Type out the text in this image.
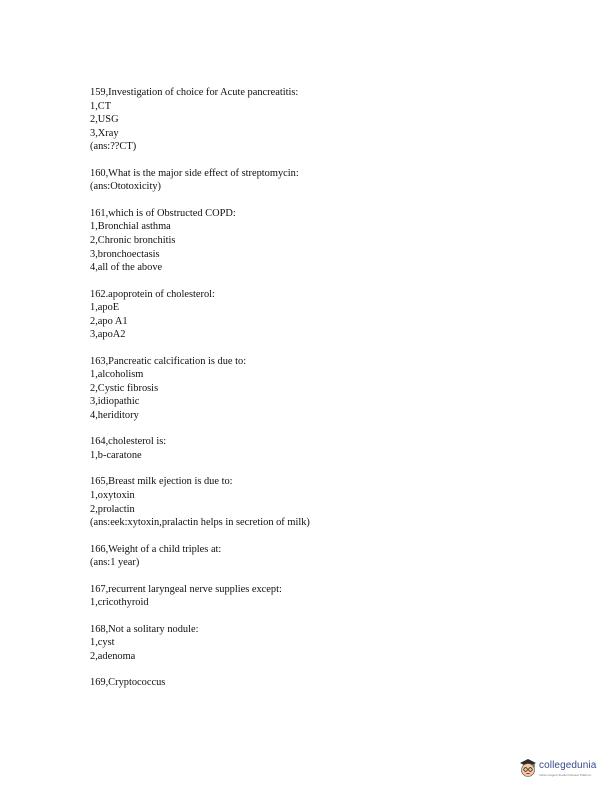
159,Investigation of choice for Acute pancreatitis:
1,CT
2,USG
3,Xray
(ans:??CT)
160,What is the major side effect of streptomycin:
(ans:Ototoxicity)
161,which is of Obstructed COPD:
1,Bronchial asthma
2,Chronic bronchitis
3,bronchoectasis
4,all of the above
162.apoprotein of cholesterol:
1,apoE
2,apo A1
3,apoA2
163,Pancreatic calcification is due to:
1,alcoholism
2,Cystic fibrosis
3,idiopathic
4,heriditory
164,cholesterol is:
1,b-caratone
165,Breast milk ejection is due to:
1,oxytoxin
2,prolactin
(ans:eek:xytoxin,pralactin helps in secretion of milk)
166,Weight of a child triples at:
(ans:1 year)
167,recurrent laryngeal nerve supplies except:
1,cricothyroid
168,Not a solitary nodule:
1,cyst
2,adenoma
169,Cryptococcus
collegedunia
India's largest Student Review Platform
